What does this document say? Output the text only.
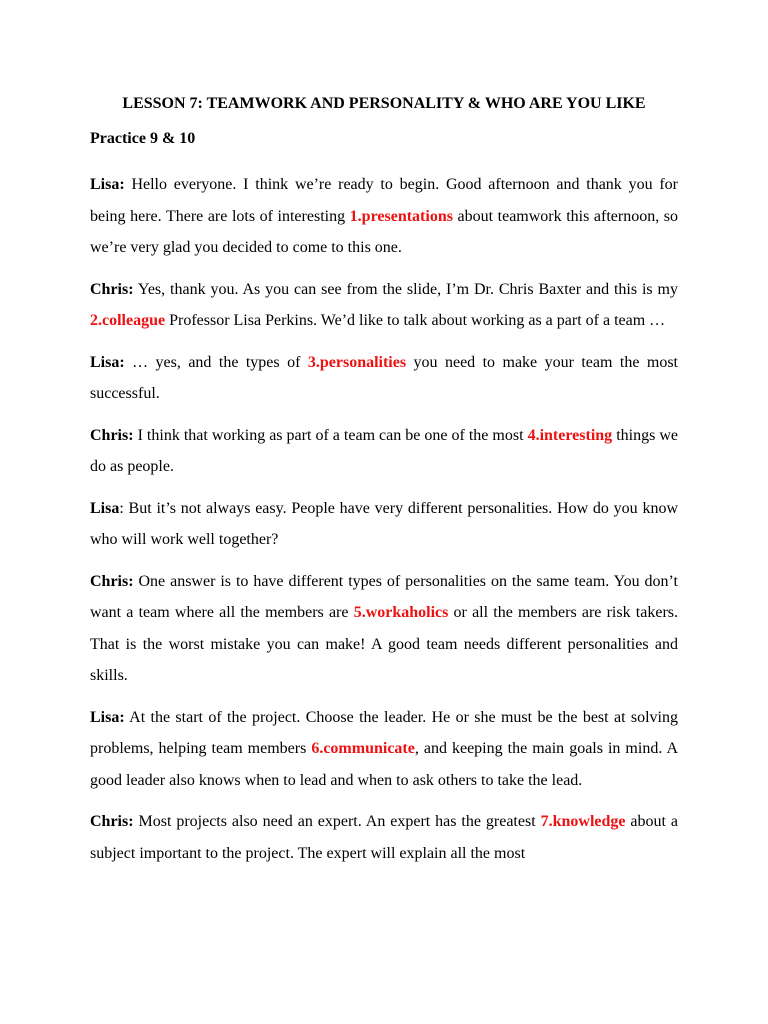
LESSON 7: TEAMWORK AND PERSONALITY & WHO ARE YOU LIKE
Practice 9 & 10

Lisa: Hello everyone. I think we’re ready to begin. Good afternoon and thank you for being here. There are lots of interesting 1.presentations about teamwork this afternoon, so we’re very glad you decided to come to this one.

Chris: Yes, thank you. As you can see from the slide, I’m Dr. Chris Baxter and this is my 2.colleague Professor Lisa Perkins. We’d like to talk about working as a part of a team …

Lisa: … yes, and the types of 3.personalities you need to make your team the most successful.

Chris: I think that working as part of a team can be one of the most 4.interesting things we do as people.

Lisa: But it’s not always easy. People have very different personalities. How do you know who will work well together?

Chris: One answer is to have different types of personalities on the same team. You don’t want a team where all the members are 5.workaholics or all the members are risk takers. That is the worst mistake you can make! A good team needs different personalities and skills.

Lisa: At the start of the project. Choose the leader. He or she must be the best at solving problems, helping team members 6.communicate, and keeping the main goals in mind. A good leader also knows when to lead and when to ask others to take the lead.

Chris: Most projects also need an expert. An expert has the greatest 7.knowledge about a subject important to the project. The expert will explain all the most
